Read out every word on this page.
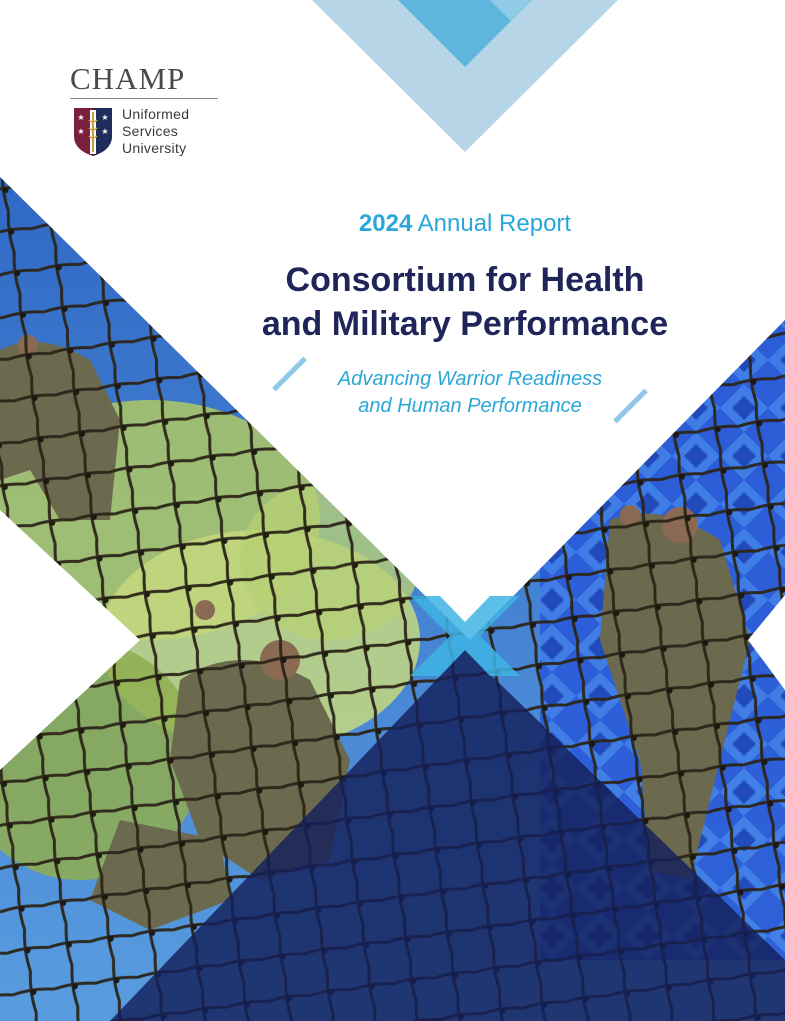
CHAMP
★ ★
★ ★
Uniformed
Services
University
2024 Annual Report
Consortium for Health
and Military Performance
Advancing Warrior Readiness
and Human Performance
